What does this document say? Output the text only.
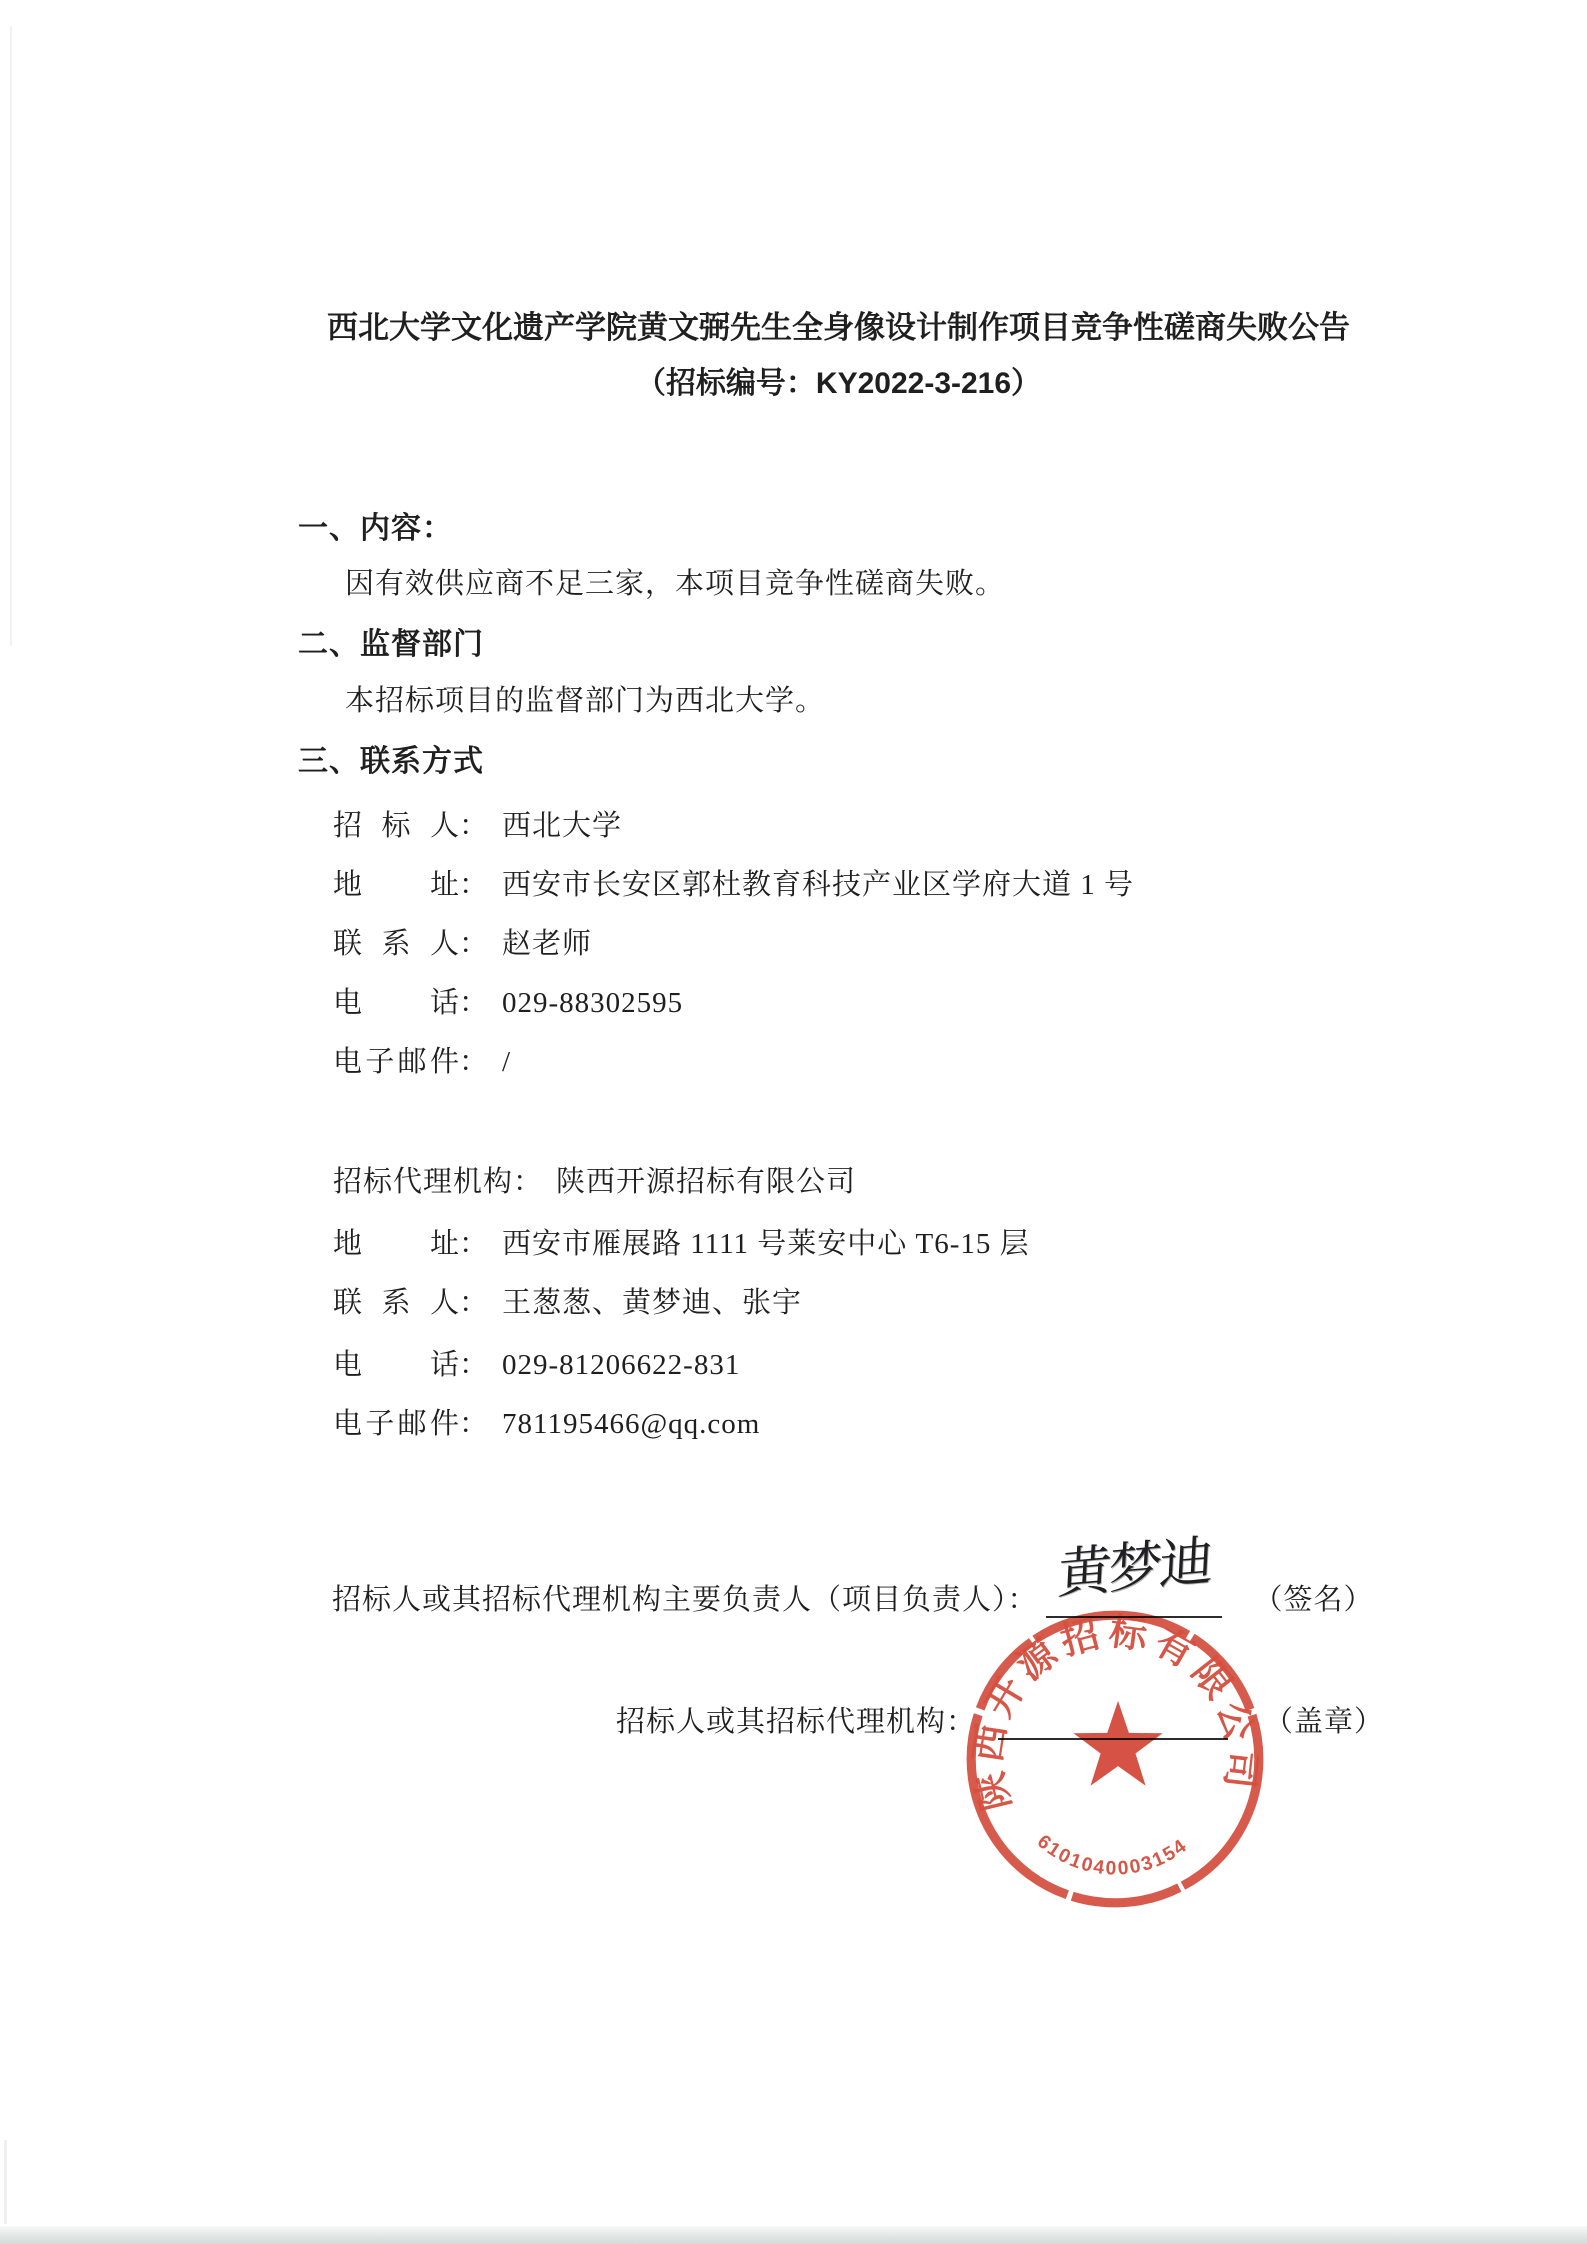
西北大学文化遗产学院黄文弼先生全身像设计制作项目竞争性磋商失败公告
（招标编号：KY2022-3-216）
一、内容：
因有效供应商不足三家，本项目竞争性磋商失败。
二、监督部门
本招标项目的监督部门为西北大学。
三、联系方式
招标人： 西北大学
地址： 西安市长安区郭杜教育科技产业区学府大道 1 号
联系人： 赵老师
电话： 029-88302595
电子邮件： /
招标代理机构： 陕西开源招标有限公司
地址： 西安市雁展路 1111 号莱安中心 T6-15 层
联系人： 王葱葱、黄梦迪、张宇
电话： 029-81206622-831
电子邮件： 781195466@qq.com
招标人或其招标代理机构主要负责人（项目负责人）：	（签名）
黄梦迪
招标人或其招标代理机构：	（盖章）
陕西开源招标有限公司
6101040003154
